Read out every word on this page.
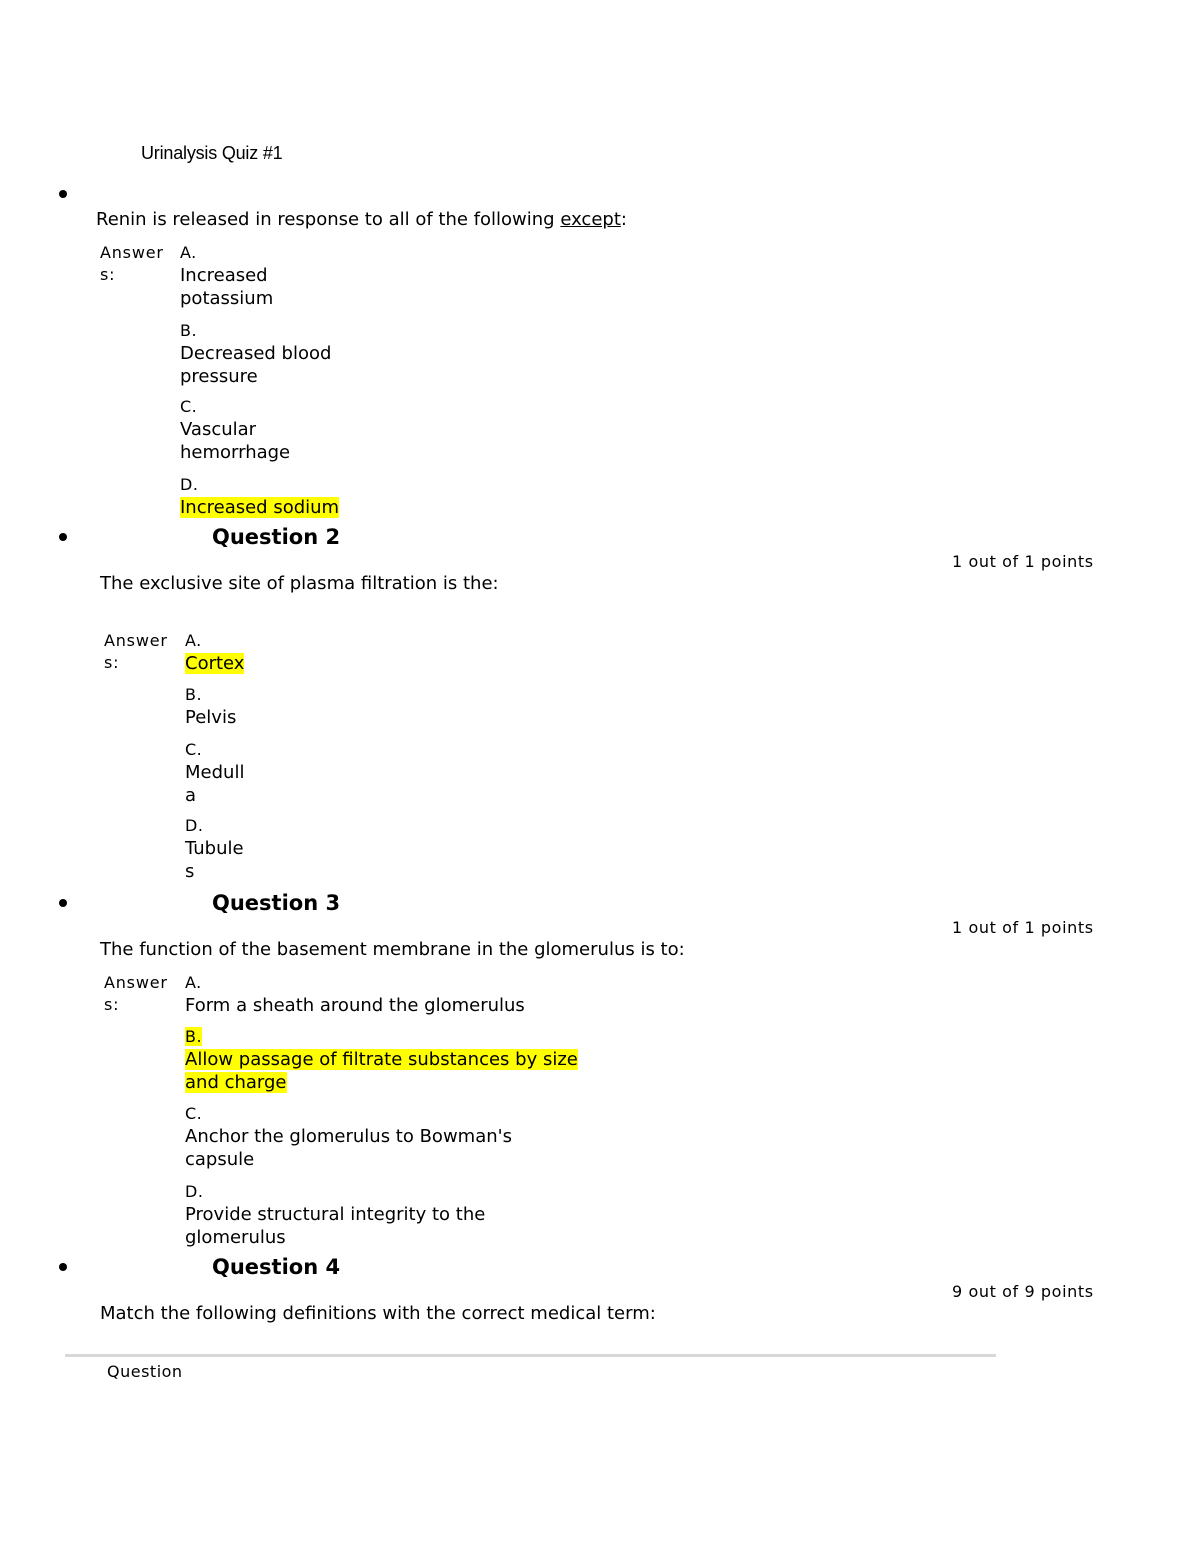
Urinalysis Quiz #1
Renin is released in response to all of the following except:
Answer
s:
A.
Increased
potassium
B.
Decreased blood
pressure
C.
Vascular
hemorrhage
D.
Increased sodium
Question 2
1 out of 1 points
The exclusive site of plasma filtration is the:
Answer
s:
A.
Cortex
B.
Pelvis
C.
Medull
a
D.
Tubule
s
Question 3
1 out of 1 points
The function of the basement membrane in the glomerulus is to:
Answer
s:
A.
Form a sheath around the glomerulus
B.
Allow passage of filtrate substances by size
and charge
C.
Anchor the glomerulus to Bowman's
capsule
D.
Provide structural integrity to the
glomerulus
Question 4
9 out of 9 points
Match the following definitions with the correct medical term:
Question
